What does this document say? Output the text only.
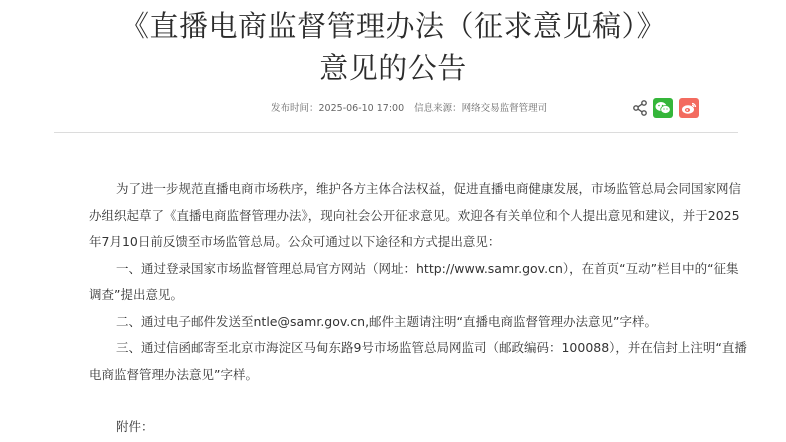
《直播电商监督管理办法（征求意见稿）》
意见的公告
发布时间：2025-06-10 17:00 信息来源：网络交易监督管理司

为了进一步规范直播电商市场秩序，维护各方主体合法权益，促进直播电商健康发展，市场监管总局会同国家网信办组织起草了《直播电商监督管理办法》，现向社会公开征求意见。欢迎各有关单位和个人提出意见和建议，并于2025年7月10日前反馈至市场监管总局。公众可通过以下途径和方式提出意见：

一、通过登录国家市场监督管理总局官方网站（网址：http://www.samr.gov.cn），在首页“互动”栏目中的“征集调查”提出意见。

二、通过电子邮件发送至ntle@samr.gov.cn,邮件主题请注明“直播电商监督管理办法意见”字样。

三、通过信函邮寄至北京市海淀区马甸东路9号市场监管总局网监司（邮政编码：100088），并在信封上注明“直播电商监督管理办法意见”字样。

附件：
